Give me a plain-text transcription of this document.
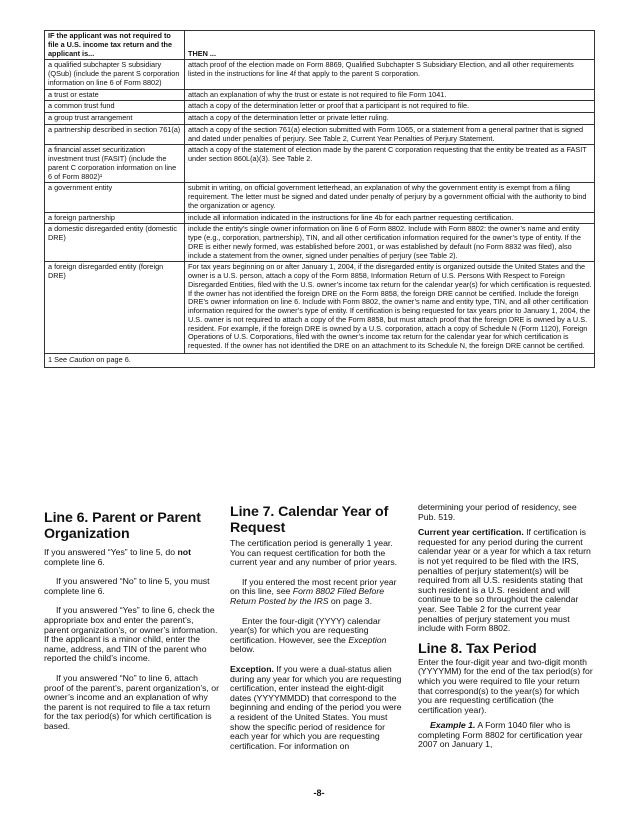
IF the applicant was not required to file a U.S. income tax return and the applicant is...	THEN ...
a qualified subchapter S subsidiary (QSub) (include the parent S corporation information on line 6 of Form 8802)	attach proof of the election made on Form 8869, Qualified Subchapter S Subsidiary Election, and all other requirements listed in the instructions for line 4f that apply to the parent S corporation.
a trust or estate	attach an explanation of why the trust or estate is not required to file Form 1041.
a common trust fund	attach a copy of the determination letter or proof that a participant is not required to file.
a group trust arrangement	attach a copy of the determination letter or private letter ruling.
a partnership described in section 761(a)	attach a copy of the section 761(a) election submitted with Form 1065, or a statement from a general partner that is signed and dated under penalties of perjury. See Table 2, Current Year Penalties of Perjury Statement.
a financial asset securitization investment trust (FASIT) (include the parent C corporation information on line 6 of Form 8802)¹	attach a copy of the statement of election made by the parent C corporation requesting that the entity be treated as a FASIT under section 860L(a)(3). See Table 2.
a government entity	submit in writing, on official government letterhead, an explanation of why the government entity is exempt from a filing requirement. The letter must be signed and dated under penalty of perjury by a government official with the authority to bind the organization or agency.
a foreign partnership	include all information indicated in the instructions for line 4b for each partner requesting certification.
a domestic disregarded entity (domestic DRE)	include the entity’s single owner information on line 6 of Form 8802. Include with Form 8802: the owner’s name and entity type (e.g., corporation, partnership), TIN, and all other certification information required for the owner’s type of entity. If the DRE is either newly formed, was established before 2001, or was established by default (no Form 8832 was filed), also include a statement from the owner, signed under penalties of perjury (see Table 2).
a foreign disregarded entity (foreign DRE)	For tax years beginning on or after January 1, 2004, if the disregarded entity is organized outside the United States and the owner is a U.S. person, attach a copy of the Form 8858, Information Return of U.S. Persons With Respect to Foreign Disregarded Entities, filed with the U.S. owner’s income tax return for the calendar year(s) for which certification is requested. If the owner has not identified the foreign DRE on the Form 8858, the foreign DRE cannot be certified. Include the foreign DRE’s owner information on line 6. Include with Form 8802, the owner’s name and entity type, TIN, and all other certification information required for the owner’s type of entity. If certification is being requested for tax years prior to January 1, 2004, the U.S. owner is not required to attach a copy of the Form 8858, but must attach proof that the foreign DRE is owned by a U.S. resident. For example, if the foreign DRE is owned by a U.S. corporation, attach a copy of Schedule N (Form 1120), Foreign Operations of U.S. Corporations, filed with the owner’s income tax return for the calendar year for which certification is requested. If the owner has not identified the DRE on an attachment to its Schedule N, the foreign DRE cannot be certified.
1 See Caution on page 6.	
Line 6. Parent or Parent Organization

If you answered “Yes” to line 5, do not complete line 6.

If you answered “No” to line 5, you must complete line 6.

If you answered “Yes” to line 6, check the appropriate box and enter the parent’s, parent organization’s, or owner’s information. If the applicant is a minor child, enter the name, address, and TIN of the parent who reported the child’s income.

If you answered “No” to line 6, attach proof of the parent’s, parent organization’s, or owner’s income and an explanation of why the parent is not required to file a tax return for the tax period(s) for which certification is based.

Line 7. Calendar Year of Request

The certification period is generally 1 year. You can request certification for both the current year and any number of prior years.

If you entered the most recent prior year on this line, see Form 8802 Filed Before Return Posted by the IRS on page 3.

Enter the four-digit (YYYY) calendar year(s) for which you are requesting certification. However, see the Exception below.

Exception. If you were a dual-status alien during any year for which you are requesting certification, enter instead the eight-digit dates (YYYYMMDD) that correspond to the beginning and ending of the period you were a resident of the United States. You must show the specific period of residence for each year for which you are requesting certification. For information on

determining your period of residency, see Pub. 519.

Current year certification. If certification is requested for any period during the current calendar year or a year for which a tax return is not yet required to be filed with the IRS, penalties of perjury statement(s) will be required from all U.S. residents stating that such resident is a U.S. resident and will continue to be so throughout the calendar year. See Table 2 for the current year penalties of perjury statement you must include with Form 8802.

Line 8. Tax Period

Enter the four-digit year and two-digit month (YYYYMM) for the end of the tax period(s) for which you were required to file your return that correspond(s) to the year(s) for which you are requesting certification (the certification year).

Example 1. A Form 1040 filer who is completing Form 8802 for certification year 2007 on January 1,

-8-
